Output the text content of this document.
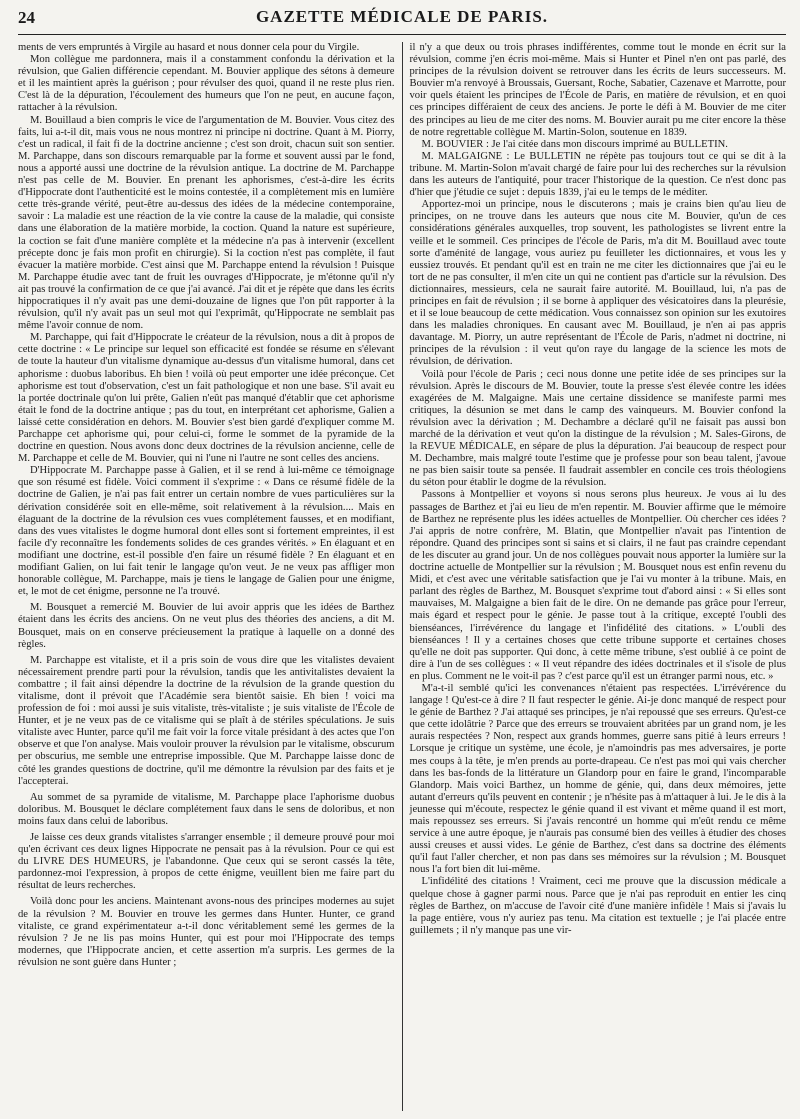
24	GAZETTE MÉDICALE DE PARIS.

ments de vers empruntés à Virgile au hasard et nous donner cela pour du Virgile.

Mon collègue me pardonnera, mais il a constamment confondu la dérivation et la révulsion, que Galien différencie cependant. M. Bouvier applique des sétons à demeure et il les maintient après la guérison ; pour révulser des quoi, quand il ne reste plus rien. C'est là de la dépuration, l'écoulement des humeurs que l'on ne peut, en aucune façon, rattacher à la révulsion.

M. Bouillaud a bien compris le vice de l'argumentation de M. Bouvier. Vous citez des faits, lui a-t-il dit, mais vous ne nous montrez ni principe ni doctrine. Quant à M. Piorry, c'est un radical, il fait fi de la doctrine ancienne ; c'est son droit, chacun suit son sentier. M. Parchappe, dans son discours remarquable par la forme et souvent aussi par le fond, nous a apporté aussi une doctrine de la révulsion antique. La doctrine de M. Parchappe n'est pas celle de M. Bouvier. En prenant les aphorismes, c'est-à-dire les écrits d'Hippocrate dont l'authenticité est le moins contestée, il a complètement mis en lumière cette très-grande vérité, peut-être au-dessus des idées de la médecine contemporaine, savoir : La maladie est une réaction de la vie contre la cause de la maladie, qui consiste dans une élaboration de la matière morbide, la coction. Quand la nature est supérieure, la coction se fait d'une manière complète et la médecine n'a pas à intervenir (excellent précepte donc je fais mon profit en chirurgie). Si la coction n'est pas complète, il faut évacuer la matière morbide. C'est ainsi que M. Parchappe entend la révulsion ! Puisque M. Parchappe étudie avec tant de fruit les ouvrages d'Hippocrate, je m'étonne qu'il n'y ait pas trouvé la confirmation de ce que j'ai avancé. J'ai dit et je répète que dans les écrits hippocratiques il n'y avait pas une demi-douzaine de lignes que l'on pût rapporter à la révulsion, qu'il n'y avait pas un seul mot qui l'exprimât, qu'Hippocrate ne semblait pas même l'avoir connue de nom.

M. Parchappe, qui fait d'Hippocrate le créateur de la révulsion, nous a dit à propos de cette doctrine : « Le principe sur lequel son efficacité est fondée se résume en s'élevant de toute la hauteur d'un vitalisme dynamique au-dessus d'un vitalisme humoral, dans cet aphorisme : duobus laboribus. Eh bien ! voilà où peut emporter une idée préconçue. Cet aphorisme est tout d'observation, c'est un fait pathologique et non une base. S'il avait eu la portée doctrinale qu'on lui prête, Galien n'eût pas manqué d'établir que cet aphorisme était le fond de la doctrine antique ; pas du tout, en interprétant cet aphorisme, Galien a laissé cette considération en dehors. M. Bouvier s'est bien gardé d'expliquer comme M. Parchappe cet aphorisme qui, pour celui-ci, forme le sommet de la pyramide de la doctrine en question. Nous avons donc deux doctrines de la révulsion ancienne, celle de M. Parchappe et celle de M. Bouvier, qui ni l'une ni l'autre ne sont celles des anciens.

D'Hippocrate M. Parchappe passe à Galien, et il se rend à lui-même ce témoignage que son résumé est fidèle. Voici comment il s'exprime : « Dans ce résumé fidèle de la doctrine de Galien, je n'ai pas fait entrer un certain nombre de vues particulières sur la dérivation considérée soit en elle-même, soit relativement à la révulsion.... Mais en élaguant de la doctrine de la révulsion ces vues complétement fausses, et en modifiant, dans des vues vitalistes le dogme humoral dont elles sont si fortement empreintes, il est facile d'y reconnaître les fondements solides de ces grandes vérités. » En élaguant et en modifiant une doctrine, est-il possible d'en faire un résumé fidèle ? En élaguant et en modifiant Galien, on lui fait tenir le langage qu'on veut. Je ne veux pas affliger mon honorable collègue, M. Parchappe, mais je tiens le langage de Galien pour une énigme, et, le mot de cet énigme, personne ne l'a trouvé.

M. Bousquet a remercié M. Bouvier de lui avoir appris que les idées de Barthez étaient dans les écrits des anciens. On ne veut plus des théories des anciens, a dit M. Bousquet, mais on en conserve précieusement la pratique à laquelle on a donné des règles.

M. Parchappe est vitaliste, et il a pris soin de vous dire que les vitalistes devaient nécessairement prendre parti pour la révulsion, tandis que les antivitalistes devaient la combattre ; il fait ainsi dépendre la doctrine de la révulsion de la grande question du vitalisme, dont il prévoit que l'Académie sera bientôt saisie. Eh bien ! voici ma profession de foi : moi aussi je suis vitaliste, très-vitaliste ; je suis vitaliste de l'École de Hunter, et je ne veux pas de ce vitalisme qui se plaît à de stériles spéculations. Je suis vitaliste avec Hunter, parce qu'il me fait voir la force vitale présidant à des actes que l'on observe et que l'on analyse. Mais vouloir prouver la révulsion par le vitalisme, obscurum per obscurius, me semble une entreprise impossible. Que M. Parchappe laisse donc de côté les grandes questions de doctrine, qu'il me démontre la révulsion par des faits et je l'accepterai.

Au sommet de sa pyramide de vitalisme, M. Parchappe place l'aphorisme duobus doloribus. M. Bousquet le déclare complétement faux dans le sens de doloribus, et non moins faux dans celui de laboribus.

Je laisse ces deux grands vitalistes s'arranger ensemble ; il demeure prouvé pour moi qu'en écrivant ces deux lignes Hippocrate ne pensait pas à la révulsion. Pour ce qui est du LIVRE DES HUMEURS, je l'abandonne. Que ceux qui se seront cassés la tête, pardonnez-moi l'expression, à propos de cette énigme, veuillent bien me faire part du résultat de leurs recherches.

Voilà donc pour les anciens. Maintenant avons-nous des principes modernes au sujet de la révulsion ? M. Bouvier en trouve les germes dans Hunter. Hunter, ce grand vitaliste, ce grand expérimentateur a-t-il donc véritablement semé les germes de la révulsion ? Je ne lis pas moins Hunter, qui est pour moi l'Hippocrate des temps modernes, que l'Hippocrate ancien, et cette assertion m'a surpris. Les germes de la révulsion ne sont guère dans Hunter ;

il n'y a que deux ou trois phrases indifférentes, comme tout le monde en écrit sur la révulsion, comme j'en écris moi-même. Mais si Hunter et Pinel n'en ont pas parlé, des principes de la révulsion doivent se retrouver dans les écrits de leurs successeurs. M. Bouvier m'a renvoyé à Broussais, Guersant, Roche, Sabatier, Cazenave et Marrotte, pour voir quels étaient les principes de l'École de Paris, en matière de révulsion, et en quoi ces principes différaient de ceux des anciens. Je porte le défi à M. Bouvier de me citer des principes au lieu de me citer des noms. M. Bouvier aurait pu me citer encore la thèse de notre regrettable collègue M. Martin-Solon, soutenue en 1839.

M. BOUVIER : Je l'ai citée dans mon discours imprimé au BULLETIN.

M. MALGAIGNE : Le BULLETIN ne répète pas toujours tout ce qui se dit à la tribune. M. Martin-Solon m'avait chargé de faire pour lui des recherches sur la révulsion dans les auteurs de l'antiquité, pour tracer l'historique de la question. Ce n'est donc pas d'hier que j'étudie ce sujet : depuis 1839, j'ai eu le temps de le méditer.

Apportez-moi un principe, nous le discuterons ; mais je crains bien qu'au lieu de principes, on ne trouve dans les auteurs que nous cite M. Bouvier, qu'un de ces considérations générales auxquelles, trop souvent, les pathologistes se livrent entre la veille et le sommeil. Ces principes de l'école de Paris, m'a dit M. Bouillaud avec toute sorte d'aménité de langage, vous auriez pu feuilleter les dictionnaires, et vous les y eussiez trouvés. Et pendant qu'il est en train ne me citer les dictionnaires que j'ai eu le tort de ne pas consulter, il m'en cite un qui ne contient pas d'article sur la révulsion. Des dictionnaires, messieurs, cela ne saurait faire autorité. M. Bouillaud, lui, n'a pas de principes en fait de révulsion ; il se borne à appliquer des vésicatoires dans la pleurésie, et il se loue beaucoup de cette médication. Vous connaissez son opinion sur les exutoires dans les maladies chroniques. En causant avec M. Bouillaud, je n'en ai pas appris davantage. M. Piorry, un autre représentant de l'École de Paris, n'admet ni doctrine, ni principes de la révulsion : il veut qu'on raye du langage de la science les mots de révulsion, de dérivation.

Voilà pour l'école de Paris ; ceci nous donne une petite idée de ses principes sur la révulsion. Après le discours de M. Bouvier, toute la presse s'est élevée contre les idées exagérées de M. Malgaigne. Mais une certaine dissidence se manifeste parmi mes critiques, la désunion se met dans le camp des vainqueurs. M. Bouvier confond la révulsion avec la dérivation ; M. Dechambre a déclaré qu'il ne faisait pas aussi bon marché de la dérivation et veut qu'on la distingue de la révulsion ; M. Sales-Girons, de la REVUE MÉDICALE, en sépare de plus la dépuration. J'ai beaucoup de respect pour M. Dechambre, mais malgré toute l'estime que je professe pour son beau talent, j'avoue ne pas bien saisir toute sa pensée. Il faudrait assembler en concile ces trois théologiens du séton pour établir le dogme de la révulsion.

Passons à Montpellier et voyons si nous serons plus heureux. Je vous ai lu des passages de Barthez et j'ai eu lieu de m'en repentir. M. Bouvier affirme que le mémoire de Barthez ne représente plus les idées actuelles de Montpellier. Où chercher ces idées ? J'ai appris de notre confrère, M. Blatin, que Montpellier n'avait pas l'intention de répondre. Quand des principes sont si sains et si clairs, il ne faut pas craindre cependant de les discuter au grand jour. Un de nos collègues pouvait nous apporter la lumière sur la doctrine actuelle de Montpellier sur la révulsion ; M. Bousquet nous est enfin revenu du Midi, et c'est avec une véritable satisfaction que je l'ai vu monter à la tribune. Mais, en parlant des règles de Barthez, M. Bousquet s'exprime tout d'abord ainsi : « Si elles sont mauvaises, M. Malgaigne a bien fait de le dire. On ne demande pas grâce pour l'erreur, mais égard et respect pour le génie. Je passe tout à la critique, excepté l'oubli des bienséances, l'irrévérence du langage et l'infidélité des citations. » L'oubli des bienséances ! Il y a certaines choses que cette tribune supporte et certaines choses qu'elle ne doit pas supporter. Qui donc, à cette même tribune, s'est oublié à ce point de dire à l'un de ses collègues : « Il veut répandre des idées doctrinales et il s'isole de plus en plus. Comment ne le voit-il pas ? c'est parce qu'il est un étranger parmi nous, etc. »

M'a-t-il semblé qu'ici les convenances n'étaient pas respectées. L'irrévérence du langage ! Qu'est-ce à dire ? Il faut respecter le génie. Ai-je donc manqué de respect pour le génie de Barthez ? J'ai attaqué ses principes, je n'ai repoussé que ses erreurs. Qu'est-ce que cette idolâtrie ? Parce que des erreurs se trouvaient abritées par un grand nom, je les aurais respectées ? Non, respect aux grands hommes, guerre sans pitié à leurs erreurs ! Lorsque je critique un système, une école, je n'amoindris pas mes adversaires, je porte mes coups à la tête, je m'en prends au porte-drapeau. Ce n'est pas moi qui vais chercher dans les bas-fonds de la littérature un Glandorp pour en faire le grand, l'incomparable Glandorp. Mais voici Barthez, un homme de génie, qui, dans deux mémoires, jette autant d'erreurs qu'ils peuvent en contenir ; je n'hésite pas à m'attaquer à lui. Je le dis à la jeunesse qui m'écoute, respectez le génie quand il est vivant et même quand il est mort, mais repoussez ses erreurs. Si j'avais rencontré un homme qui m'eût rendu ce même service à une autre époque, je n'aurais pas consumé bien des veilles à étudier des choses aussi creuses et aussi vides. Le génie de Barthez, c'est dans sa doctrine des éléments qu'il faut l'aller chercher, et non pas dans ses mémoires sur la révulsion ; M. Bousquet nous l'a fort bien dit lui-même.

L'infidélité des citations ! Vraiment, ceci me prouve que la discussion médicale a quelque chose à gagner parmi nous. Parce que je n'ai pas reproduit en entier les cinq règles de Barthez, on m'accuse de l'avoir cité d'une manière infidèle ! Mais si j'avais lu la page entière, vous n'y auriez pas tenu. Ma citation est textuelle ; je l'ai placée entre guillemets ; il n'y manque pas une vir-
